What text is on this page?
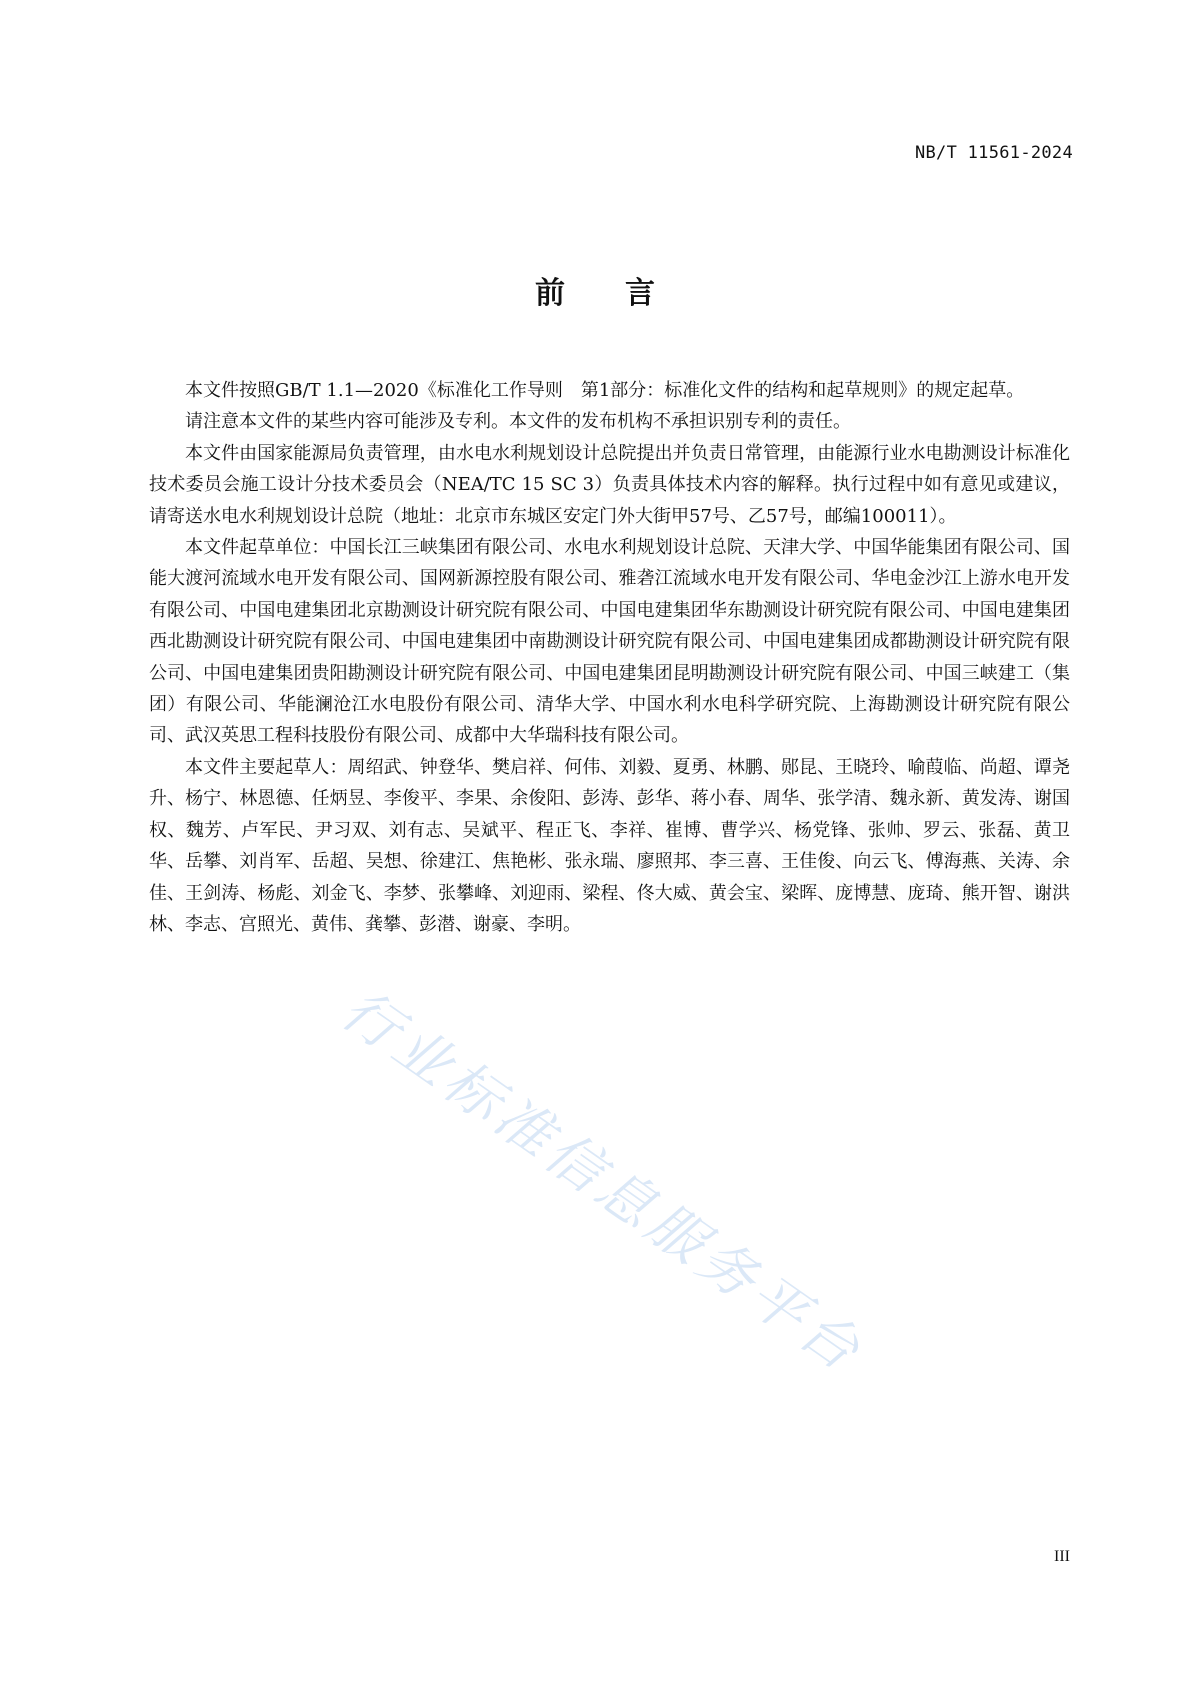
NB/T 11561-2024
前言

本文件按照GB/T 1.1—2020《标准化工作导则　第1部分：标准化文件的结构和起草规则》的规定起草。

请注意本文件的某些内容可能涉及专利。本文件的发布机构不承担识别专利的责任。

本文件由国家能源局负责管理，由水电水利规划设计总院提出并负责日常管理，由能源行业水电勘测设计标准化技术委员会施工设计分技术委员会（NEA/TC 15 SC 3）负责具体技术内容的解释。执行过程中如有意见或建议，请寄送水电水利规划设计总院（地址：北京市东城区安定门外大街甲57号、乙57号，邮编100011）。

本文件起草单位：中国长江三峡集团有限公司、水电水利规划设计总院、天津大学、中国华能集团有限公司、国能大渡河流域水电开发有限公司、国网新源控股有限公司、雅砻江流域水电开发有限公司、华电金沙江上游水电开发有限公司、中国电建集团北京勘测设计研究院有限公司、中国电建集团华东勘测设计研究院有限公司、中国电建集团西北勘测设计研究院有限公司、中国电建集团中南勘测设计研究院有限公司、中国电建集团成都勘测设计研究院有限公司、中国电建集团贵阳勘测设计研究院有限公司、中国电建集团昆明勘测设计研究院有限公司、中国三峡建工（集团）有限公司、华能澜沧江水电股份有限公司、清华大学、中国水利水电科学研究院、上海勘测设计研究院有限公司、武汉英思工程科技股份有限公司、成都中大华瑞科技有限公司。

本文件主要起草人：周绍武、钟登华、樊启祥、何伟、刘毅、夏勇、林鹏、郧昆、王晓玲、喻葭临、尚超、谭尧升、杨宁、林恩德、任炳昱、李俊平、李果、余俊阳、彭涛、彭华、蒋小春、周华、张学清、魏永新、黄发涛、谢国权、魏芳、卢军民、尹习双、刘有志、吴斌平、程正飞、李祥、崔博、曹学兴、杨党锋、张帅、罗云、张磊、黄卫华、岳攀、刘肖军、岳超、吴想、徐建江、焦艳彬、张永瑞、廖照邦、李三喜、王佳俊、向云飞、傅海燕、关涛、余佳、王剑涛、杨彪、刘金飞、李梦、张攀峰、刘迎雨、梁程、佟大威、黄会宝、梁晖、庞博慧、庞琦、熊开智、谢洪林、李志、宫照光、黄伟、龚攀、彭潜、谢豪、李明。

行业标准信息服务平台
III
